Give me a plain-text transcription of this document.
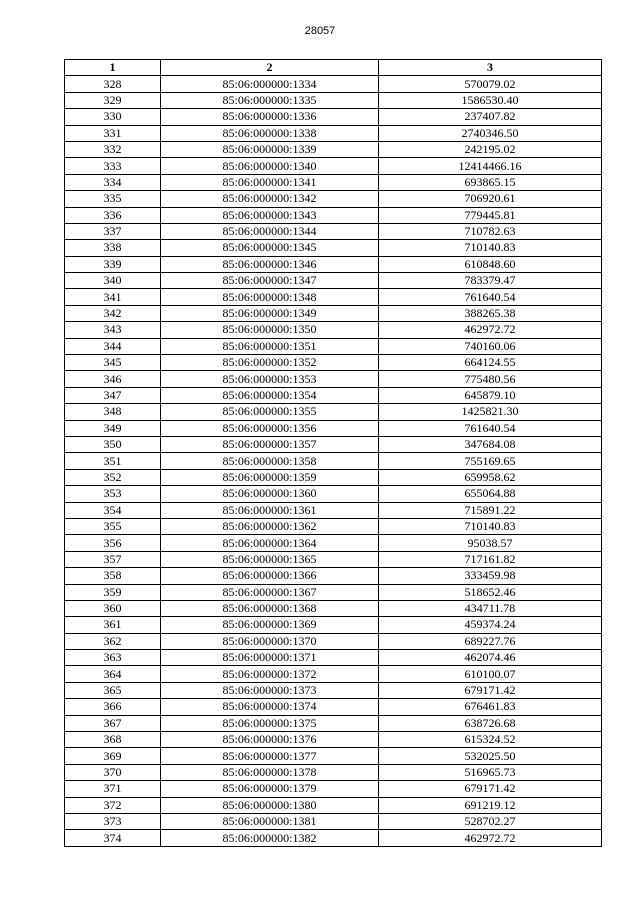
28057
1	2	3
328	85:06:000000:1334	570079.02
329	85:06:000000:1335	1586530.40
330	85:06:000000:1336	237407.82
331	85:06:000000:1338	2740346.50
332	85:06:000000:1339	242195.02
333	85:06:000000:1340	12414466.16
334	85:06:000000:1341	693865.15
335	85:06:000000:1342	706920.61
336	85:06:000000:1343	779445.81
337	85:06:000000:1344	710782.63
338	85:06:000000:1345	710140.83
339	85:06:000000:1346	610848.60
340	85:06:000000:1347	783379.47
341	85:06:000000:1348	761640.54
342	85:06:000000:1349	388265.38
343	85:06:000000:1350	462972.72
344	85:06:000000:1351	740160.06
345	85:06:000000:1352	664124.55
346	85:06:000000:1353	775480.56
347	85:06:000000:1354	645879.10
348	85:06:000000:1355	1425821.30
349	85:06:000000:1356	761640.54
350	85:06:000000:1357	347684.08
351	85:06:000000:1358	755169.65
352	85:06:000000:1359	659958.62
353	85:06:000000:1360	655064.88
354	85:06:000000:1361	715891.22
355	85:06:000000:1362	710140.83
356	85:06:000000:1364	95038.57
357	85:06:000000:1365	717161.82
358	85:06:000000:1366	333459.98
359	85:06:000000:1367	518652.46
360	85:06:000000:1368	434711.78
361	85:06:000000:1369	459374.24
362	85:06:000000:1370	689227.76
363	85:06:000000:1371	462074.46
364	85:06:000000:1372	610100.07
365	85:06:000000:1373	679171.42
366	85:06:000000:1374	676461.83
367	85:06:000000:1375	638726.68
368	85:06:000000:1376	615324.52
369	85:06:000000:1377	532025.50
370	85:06:000000:1378	516965.73
371	85:06:000000:1379	679171.42
372	85:06:000000:1380	691219.12
373	85:06:000000:1381	528702.27
374	85:06:000000:1382	462972.72
